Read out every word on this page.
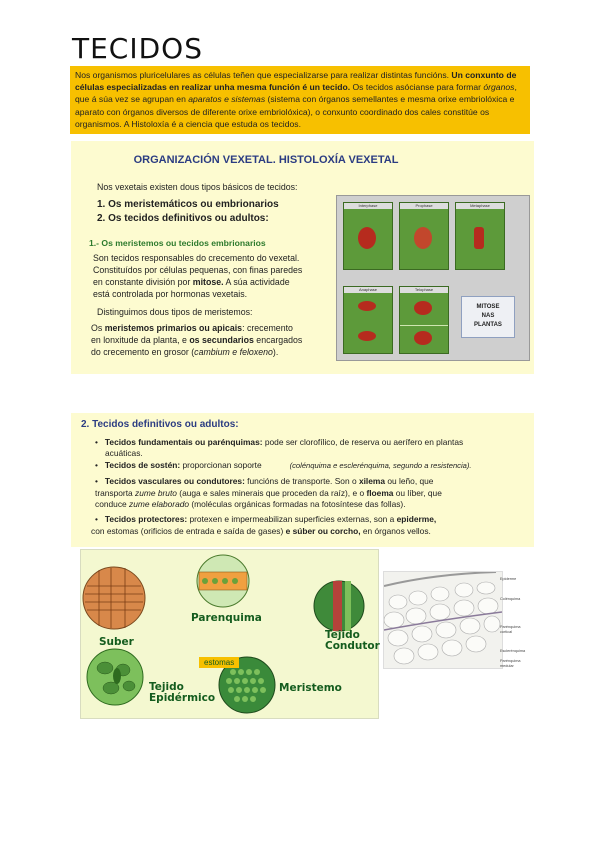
TECIDOS
Nos organismos pluricelulares as células teñen que especializarse para realizar distintas funcións. Un conxunto de células especializadas en realizar unha mesma función é un tecido. Os tecidos asócianse para formar órganos, que á súa vez se agrupan en aparatos e sistemas (sistema con órganos semellantes e mesma orixe embriolóxica e aparato con órganos diversos de diferente orixe embriolóxica), o conxunto coordinado dos cales constitúe os organismos. A Histoloxía é a ciencia que estuda os tecidos.
ORGANIZACIÓN VEXETAL. HISTOLOXÍA VEXETAL
Nos vexetais existen dous tipos básicos de tecidos:
1. Os meristemáticos ou embrionarios
2. Os tecidos definitivos ou adultos:
1.- Os meristemos ou tecidos embrionarios
Son tecidos responsables do crecemento do vexetal.
Constituídos por células pequenas, con finas paredes
en constante división por mitose. A súa actividade
está controlada por hormonas vexetais.
Distinguimos dous tipos de meristemos:
Os meristemos primarios ou apicais: crecemento
en lonxitude da planta, e os secundarios encargados
do crecemento en grosor (cambium e feloxeno).
Interphase	Prophase	Metaphase
Anaphase	Telophase
MITOSE
NAS
PLANTAS
2. Tecidos definitivos ou adultos:
•   Tecidos fundamentais ou parénquimas: pode ser clorofílico, de reserva ou aerífero en plantas
acuáticas.
•   Tecidos de sostén: proporcionan soporte	(colénquima e esclerénquima, segundo a resistencia).
•   Tecidos vasculares ou condutores: funcións de transporte. Son o xilema ou leño, que
transporta zume bruto (auga e sales minerais que proceden da raíz), e o floema ou líber, que
conduce zume elaborado (moléculas orgánicas formadas na fotosíntese das follas).
•   Tecidos protectores: protexen e impermeabilizan superficies externas, son a epiderme,
con estomas (orificios de entrada e saída de gases) e súber ou corcho, en órganos vellos.
Suber
Parenquima
Tejido
Condutor
estomas
Tejido
Epidérmico
Meristemo
Epiderme
Colénquima
Parénquima cortical
Esclerénquima
Parénquima medular
